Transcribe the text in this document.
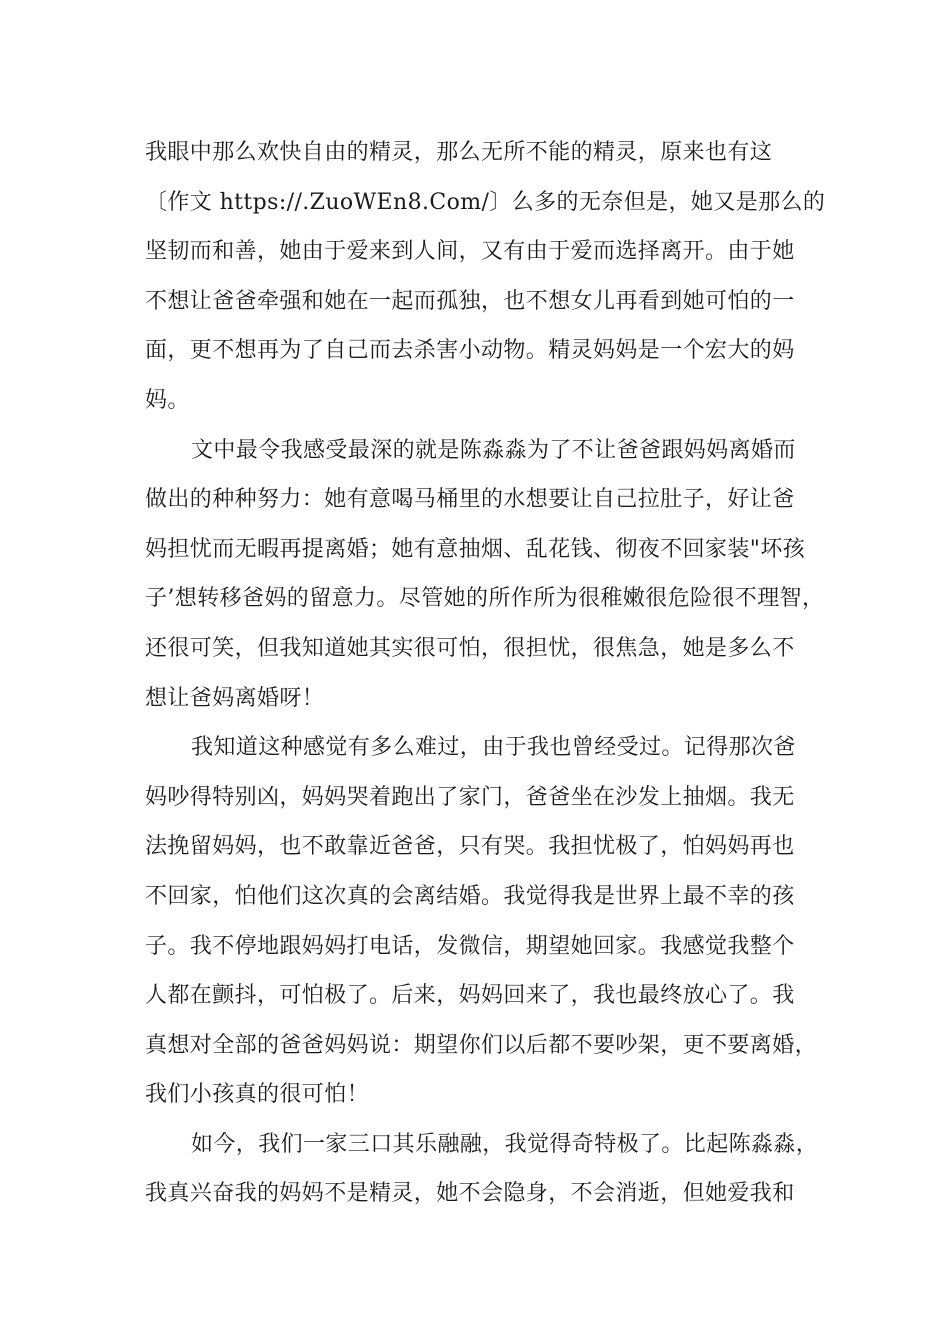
我眼中那么欢快自由的精灵，那么无所不能的精灵，原来也有这
〔作文 https://.ZuoWEn8.Com/〕么多的无奈但是，她又是那么的
坚韧而和善，她由于爱来到人间，又有由于爱而选择离开。由于她
不想让爸爸牵强和她在一起而孤独，也不想女儿再看到她可怕的一
面，更不想再为了自己而去杀害小动物。精灵妈妈是一个宏大的妈
妈。
文中最令我感受最深的就是陈淼淼为了不让爸爸跟妈妈离婚而
做出的种种努力：她有意喝马桶里的水想要让自己拉肚子，好让爸
妈担忧而无暇再提离婚；她有意抽烟、乱花钱、彻夜不回家装"坏孩
子’想转移爸妈的留意力。尽管她的所作所为很稚嫩很危险很不理智，
还很可笑，但我知道她其实很可怕，很担忧，很焦急，她是多么不
想让爸妈离婚呀！
我知道这种感觉有多么难过，由于我也曾经受过。记得那次爸
妈吵得特别凶，妈妈哭着跑出了家门，爸爸坐在沙发上抽烟。我无
法挽留妈妈，也不敢靠近爸爸，只有哭。我担忧极了，怕妈妈再也
不回家，怕他们这次真的会离结婚。我觉得我是世界上最不幸的孩
子。我不停地跟妈妈打电话，发微信，期望她回家。我感觉我整个
人都在颤抖，可怕极了。后来，妈妈回来了，我也最终放心了。我
真想对全部的爸爸妈妈说：期望你们以后都不要吵架，更不要离婚，
我们小孩真的很可怕！
如今，我们一家三口其乐融融，我觉得奇特极了。比起陈淼淼，
我真兴奋我的妈妈不是精灵，她不会隐身，不会消逝，但她爱我和
